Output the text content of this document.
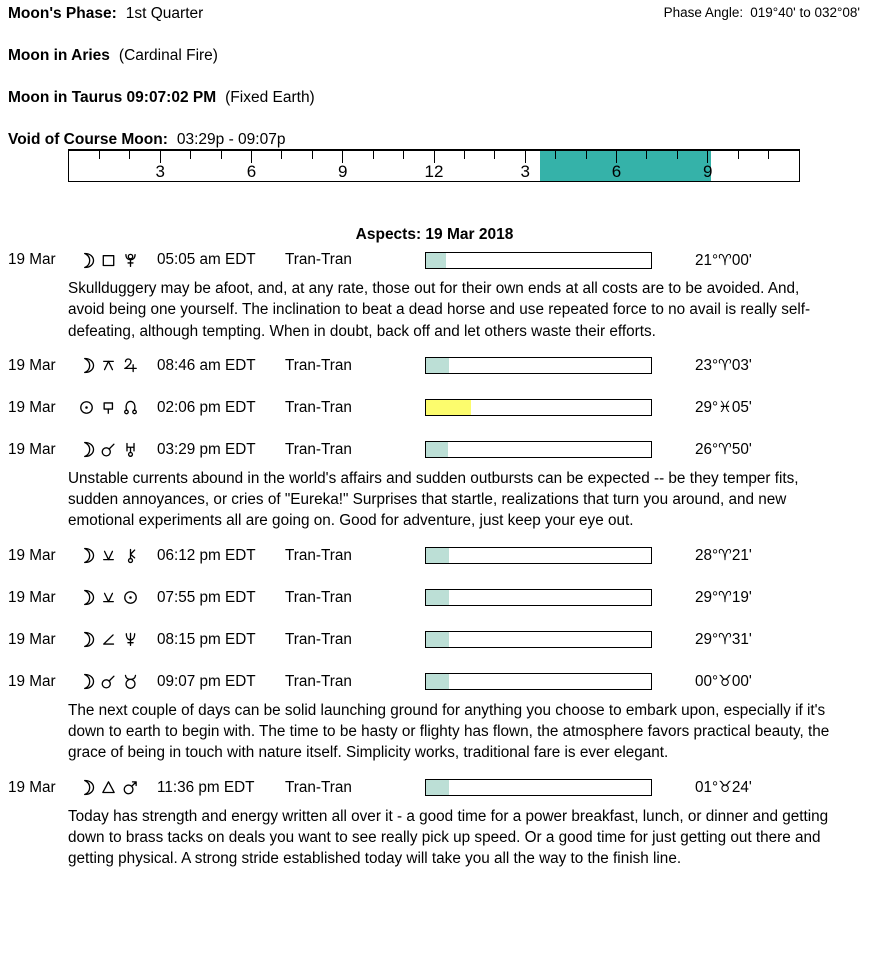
Moon's Phase: 1st Quarter	Phase Angle: 019°40' to 032°08'
Moon in Aries (Cardinal Fire)
Moon in Taurus 09:07:02 PM (Fixed Earth)
Void of Course Moon: 03:29p - 09:07p
3	6	9	12	3	6	9
Aspects: 19 Mar 2018
19 Mar	05:05 am EDT	Tran-Tran	21°♈00'

Skullduggery may be afoot, and, at any rate, those out for their own ends at all costs are to be avoided. And, avoid being one yourself. The inclination to beat a dead horse and use repeated force to no avail is really self-defeating, although tempting. When in doubt, back off and let others waste their efforts.

19 Mar	08:46 am EDT	Tran-Tran	23°♈03'
19 Mar	02:06 pm EDT	Tran-Tran	29°♓05'
19 Mar	03:29 pm EDT	Tran-Tran	26°♈50'

Unstable currents abound in the world's affairs and sudden outbursts can be expected -- be they temper fits, sudden annoyances, or cries of "Eureka!" Surprises that startle, realizations that turn you around, and new emotional experiments all are going on. Good for adventure, just keep your eye out.

19 Mar	06:12 pm EDT	Tran-Tran	28°♈21'
19 Mar	07:55 pm EDT	Tran-Tran	29°♈19'
19 Mar	08:15 pm EDT	Tran-Tran	29°♈31'
19 Mar	09:07 pm EDT	Tran-Tran	00°♉00'

The next couple of days can be solid launching ground for anything you choose to embark upon, especially if it's down to earth to begin with. The time to be hasty or flighty has flown, the atmosphere favors practical beauty, the grace of being in touch with nature itself. Simplicity works, traditional fare is ever elegant.

19 Mar	11:36 pm EDT	Tran-Tran	01°♉24'

Today has strength and energy written all over it - a good time for a power breakfast, lunch, or dinner and getting down to brass tacks on deals you want to see really pick up speed. Or a good time for just getting out there and getting physical. A strong stride established today will take you all the way to the finish line.
